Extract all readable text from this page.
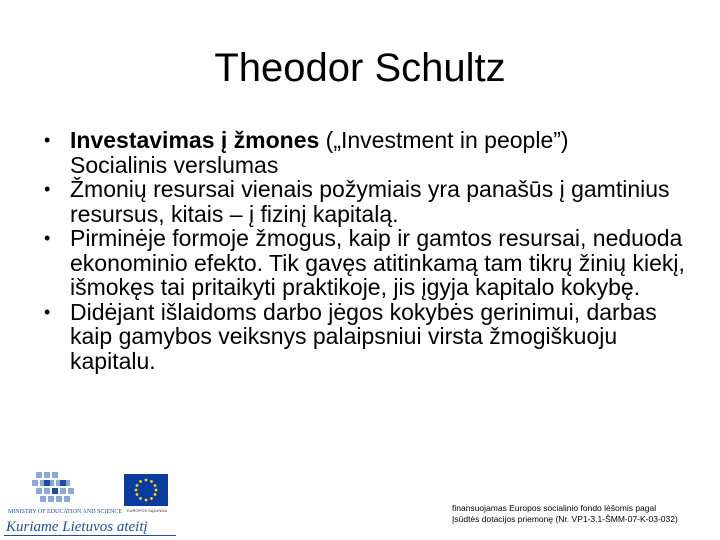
Theodor Schultz
• Investavimas į žmones („Investment in people”)
Socialinis verslumas
• Žmonių resursai vienais požymiais yra panašūs į gamtinius resursus, kitais – į fizinį kapitalą.
• Pirminėje formoje žmogus, kaip ir gamtos resursai, neduoda ekonominio efekto. Tik gavęs atitinkamą tam tikrų žinių kiekį, išmokęs tai pritaikyti praktikoje, jis įgyja kapitalo kokybę.
• Didėjant išlaidoms darbo jėgos kokybės gerinimui, darbas kaip gamybos veiksnys palaipsniui virsta žmogiškuoju kapitalu.
MINISTRY OF EDUCATION AND SCIENCE	EUROPOS SĄJUNGA
Kuriame Lietuvos ateitį
finansuojamas Europos socialinio fondo lėšomis pagal
Įsūdtės dotacijos priemonę (Nr. VP1-3.1-ŠMM-07-K-03-032)
